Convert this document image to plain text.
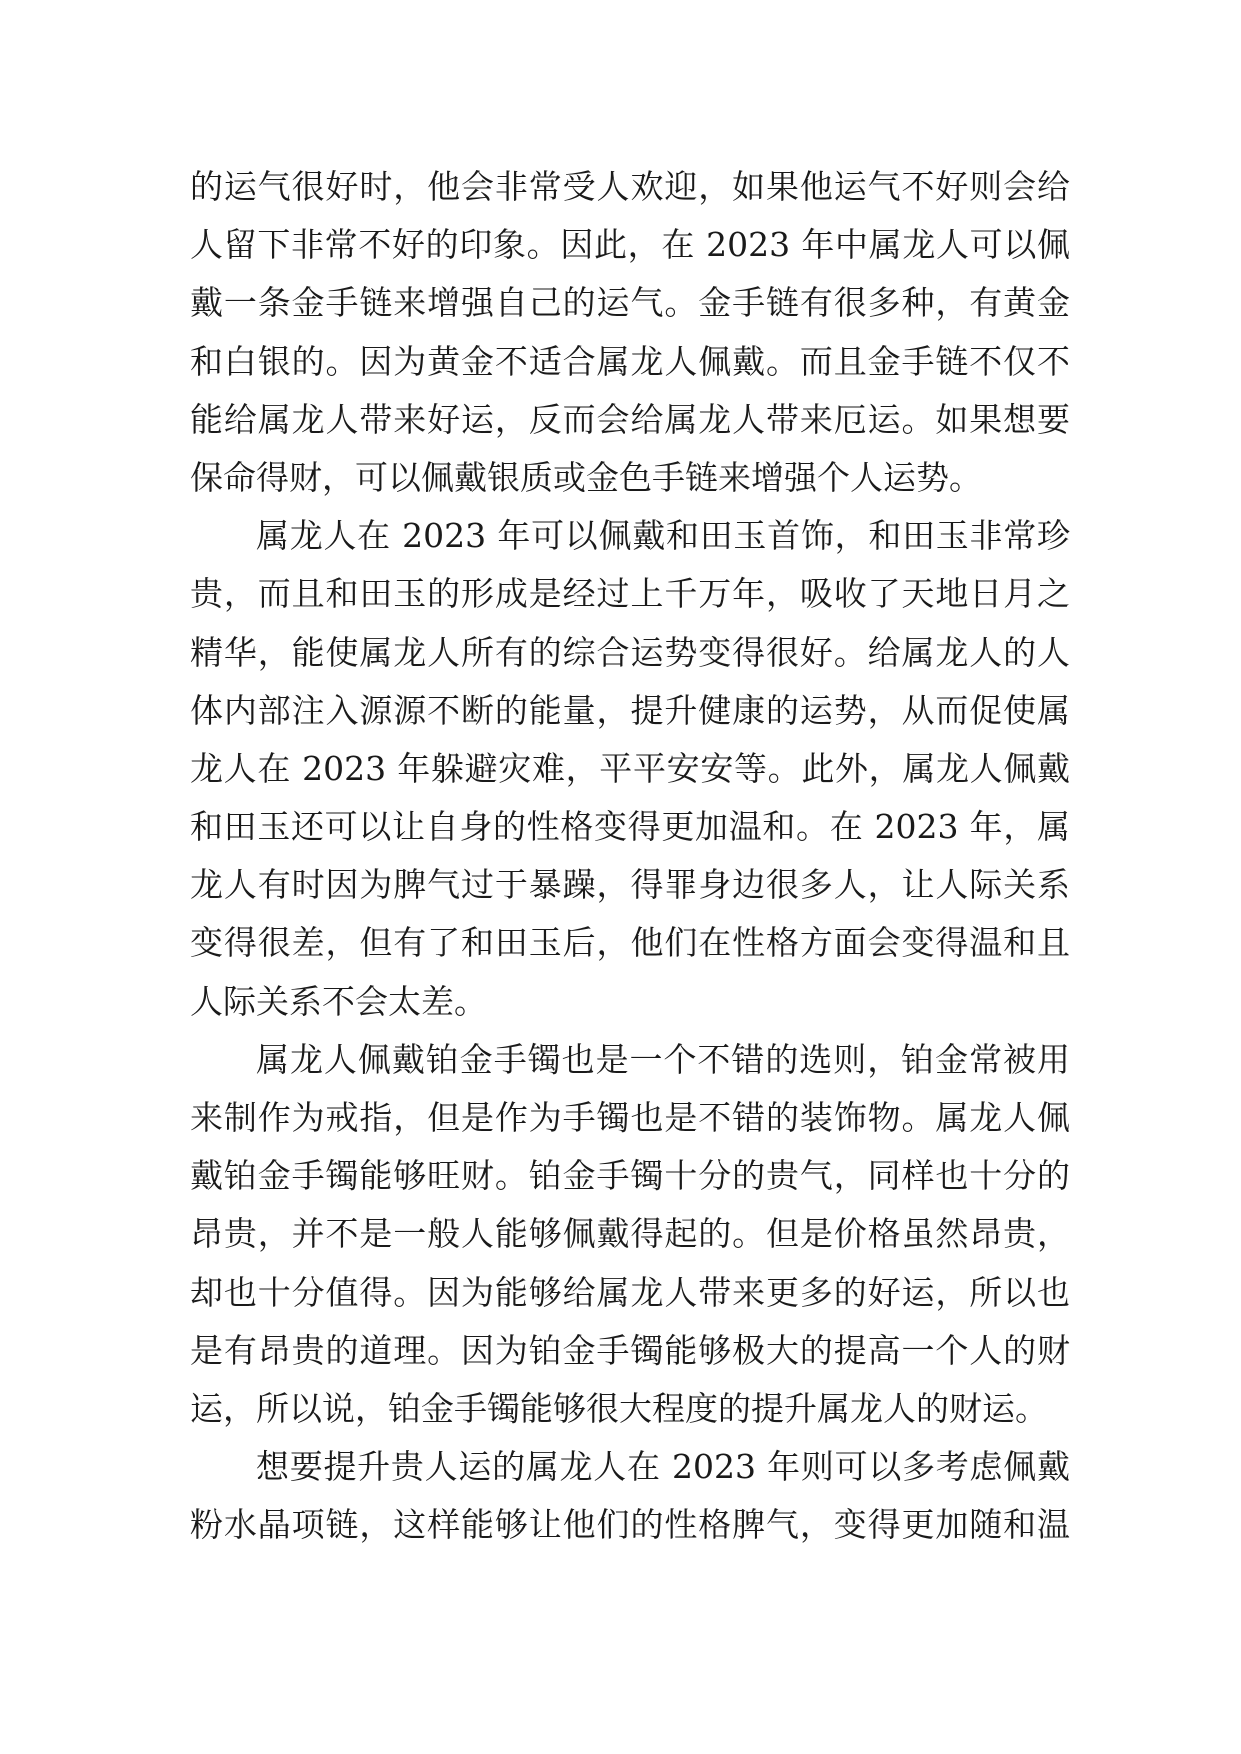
的运气很好时，他会非常受人欢迎，如果他运气不好则会给
人留下非常不好的印象。因此，在 2023 年中属龙人可以佩
戴一条金手链来增强自己的运气。金手链有很多种，有黄金
和白银的。因为黄金不适合属龙人佩戴。而且金手链不仅不
能给属龙人带来好运，反而会给属龙人带来厄运。如果想要
保命得财，可以佩戴银质或金色手链来增强个人运势。
属龙人在 2023 年可以佩戴和田玉首饰，和田玉非常珍
贵，而且和田玉的形成是经过上千万年，吸收了天地日月之
精华，能使属龙人所有的综合运势变得很好。给属龙人的人
体内部注入源源不断的能量，提升健康的运势，从而促使属
龙人在 2023 年躲避灾难，平平安安等。此外，属龙人佩戴
和田玉还可以让自身的性格变得更加温和。在 2023 年，属
龙人有时因为脾气过于暴躁，得罪身边很多人，让人际关系
变得很差，但有了和田玉后，他们在性格方面会变得温和且
人际关系不会太差。
属龙人佩戴铂金手镯也是一个不错的选则，铂金常被用
来制作为戒指，但是作为手镯也是不错的装饰物。属龙人佩
戴铂金手镯能够旺财。铂金手镯十分的贵气，同样也十分的
昂贵，并不是一般人能够佩戴得起的。但是价格虽然昂贵，
却也十分值得。因为能够给属龙人带来更多的好运，所以也
是有昂贵的道理。因为铂金手镯能够极大的提高一个人的财
运，所以说，铂金手镯能够很大程度的提升属龙人的财运。
想要提升贵人运的属龙人在 2023 年则可以多考虑佩戴
粉水晶项链，这样能够让他们的性格脾气，变得更加随和温
